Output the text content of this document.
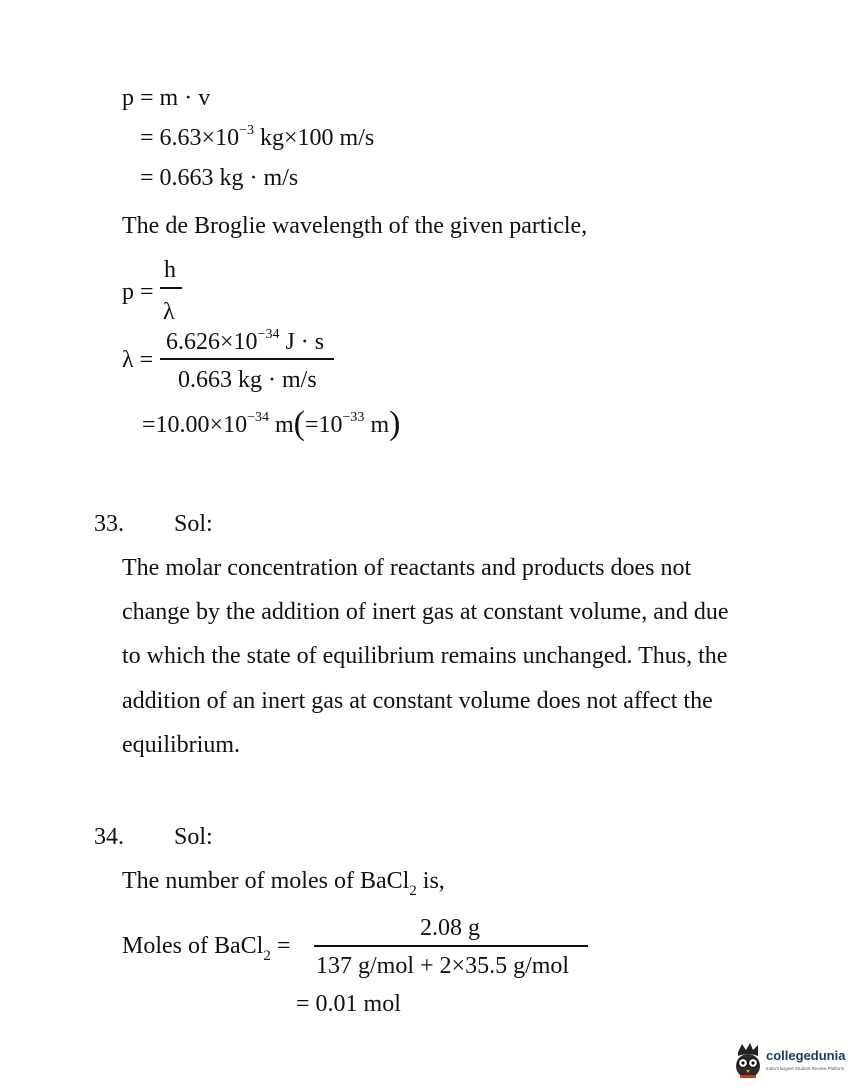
p = m · v
= $6.63\times 10^{-3}$ kg×100 m/s
= 0.663 kg · m/s
The de Broglie wavelength of the given particle,
p =
h
λ
λ =
$6.626\times 10^{-34}$ J · s
0.663 kg · m/s
$=10.00\times 10^{-34}$ $m(=10^{-33}$ m)
33. Sol:
The molar concentration of reactants and products does not
change by the addition of inert gas at constant volume, and due
to which the state of equilibrium remains unchanged. Thus, the
addition of an inert gas at constant volume does not affect the
equilibrium.
34. Sol:
The number of moles of BaCl$_2$ is,
Moles of BaCl$_2$ =
2.08 g
137 g/mol + 2×35.5 g/mol
= 0.01 mol
collegedunia
India's largest Student Review Platform
